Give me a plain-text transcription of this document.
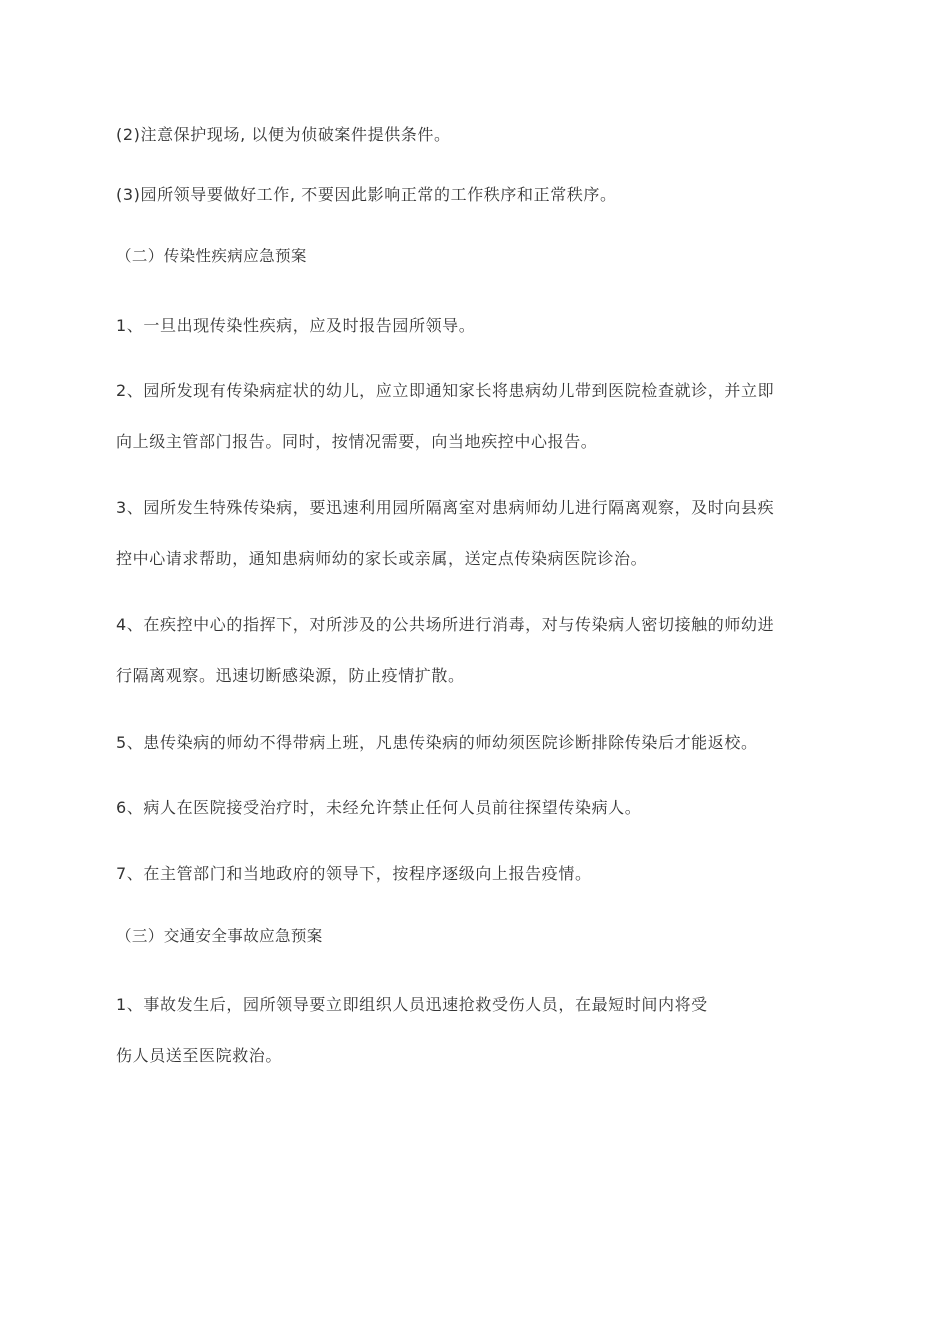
(2)注意保护现场, 以便为侦破案件提供条件。
(3)园所领导要做好工作, 不要因此影响正常的工作秩序和正常秩序。
（二）传染性疾病应急预案
1、一旦出现传染性疾病，应及时报告园所领导。
2、园所发现有传染病症状的幼儿，应立即通知家长将患病幼儿带到医院检查就诊，并立即
向上级主管部门报告。同时，按情况需要，向当地疾控中心报告。
3、园所发生特殊传染病，要迅速利用园所隔离室对患病师幼儿进行隔离观察，及时向县疾
控中心请求帮助，通知患病师幼的家长或亲属，送定点传染病医院诊治。
4、在疾控中心的指挥下，对所涉及的公共场所进行消毒，对与传染病人密切接触的师幼进
行隔离观察。迅速切断感染源，防止疫情扩散。
5、患传染病的师幼不得带病上班，凡患传染病的师幼须医院诊断排除传染后才能返校。
6、病人在医院接受治疗时，未经允许禁止任何人员前往探望传染病人。
7、在主管部门和当地政府的领导下，按程序逐级向上报告疫情。
（三）交通安全事故应急预案
1、事故发生后，园所领导要立即组织人员迅速抢救受伤人员，在最短时间内将受
伤人员送至医院救治。
